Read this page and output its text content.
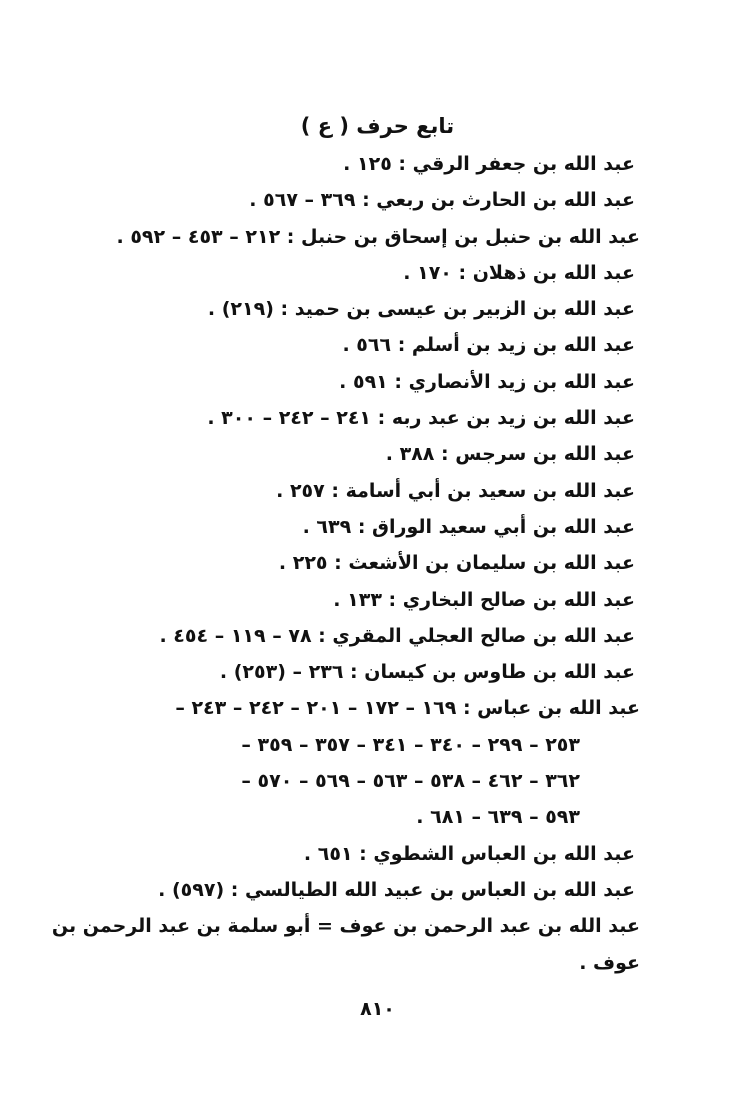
تابع حرف ( ع )
عبد الله بن جعفر الرقي : ١٢٥ .
عبد الله بن الحارث بن ربعي : ٣٦٩ – ٥٦٧ .
عبد الله بن حنبل بن إسحاق بن حنبل : ٢١٢ – ٤٥٣ – ٥٩٢ .
عبد الله بن ذهلان : ١٧٠ .
عبد الله بن الزبير بن عيسى بن حميد : (٢١٩) .
عبد الله بن زيد بن أسلم : ٥٦٦ .
عبد الله بن زيد الأنصاري : ٥٩١ .
عبد الله بن زيد بن عبد ربه : ٢٤١ – ٢٤٢ – ٣٠٠ .
عبد الله بن سرجس : ٣٨٨ .
عبد الله بن سعيد بن أبي أسامة : ٢٥٧ .
عبد الله بن أبي سعيد الوراق : ٦٣٩ .
عبد الله بن سليمان بن الأشعث : ٢٢٥ .
عبد الله بن صالح البخاري : ١٣٣ .
عبد الله بن صالح العجلي المقري : ٧٨ – ١١٩ – ٤٥٤ .
عبد الله بن طاوس بن كيسان : ٢٣٦ – (٢٥٣) .
عبد الله بن عباس : ١٦٩ – ١٧٢ – ٢٠١ – ٢٤٢ – ٢٤٣ –
٢٥٣ – ٢٩٩ – ٣٤٠ – ٣٤١ – ٣٥٧ – ٣٥٩ –
٣٦٢ – ٤٦٢ – ٥٣٨ – ٥٦٣ – ٥٦٩ – ٥٧٠ –
٥٩٣ – ٦٣٩ – ٦٨١ .
عبد الله بن العباس الشطوي : ٦٥١ .
عبد الله بن العباس بن عبيد الله الطيالسي : (٥٩٧) .
عبد الله بن عبد الرحمن بن عوف = أبو سلمة بن عبد الرحمن بن
عوف .
٨١٠
